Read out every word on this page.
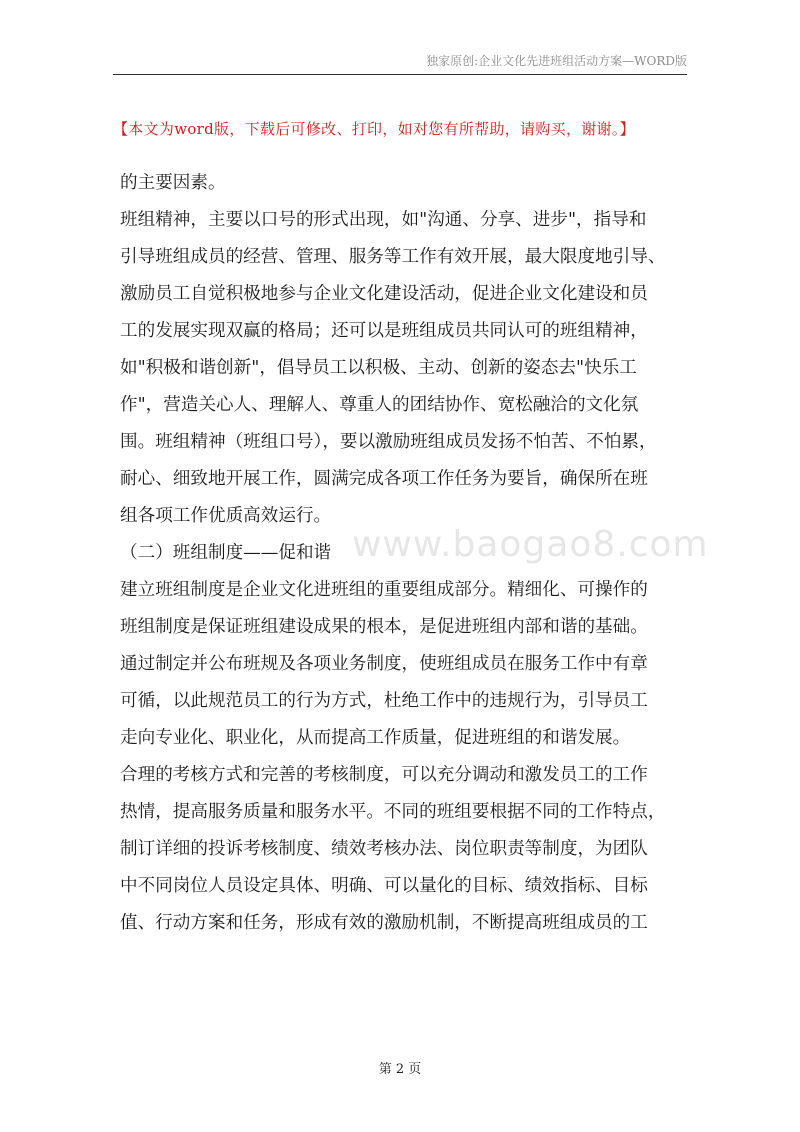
独家原创:企业文化先进班组活动方案—WORD版
【本文为word版，下载后可修改、打印，如对您有所帮助，请购买，谢谢。】
的主要因素。
班组精神，主要以口号的形式出现，如"沟通、分享、进步"，指导和
引导班组成员的经营、管理、服务等工作有效开展，最大限度地引导、
激励员工自觉积极地参与企业文化建设活动，促进企业文化建设和员
工的发展实现双赢的格局；还可以是班组成员共同认可的班组精神，
如"积极和谐创新"，倡导员工以积极、主动、创新的姿态去"快乐工
作"，营造关心人、理解人、尊重人的团结协作、宽松融洽的文化氛
围。班组精神（班组口号），要以激励班组成员发扬不怕苦、不怕累，
耐心、细致地开展工作，圆满完成各项工作任务为要旨，确保所在班
组各项工作优质高效运行。
（二）班组制度——促和谐
建立班组制度是企业文化进班组的重要组成部分。精细化、可操作的
班组制度是保证班组建设成果的根本，是促进班组内部和谐的基础。
通过制定并公布班规及各项业务制度，使班组成员在服务工作中有章
可循，以此规范员工的行为方式，杜绝工作中的违规行为，引导员工
走向专业化、职业化，从而提高工作质量，促进班组的和谐发展。
合理的考核方式和完善的考核制度，可以充分调动和激发员工的工作
热情，提高服务质量和服务水平。不同的班组要根据不同的工作特点，
制订详细的投诉考核制度、绩效考核办法、岗位职责等制度，为团队
中不同岗位人员设定具体、明确、可以量化的目标、绩效指标、目标
值、行动方案和任务，形成有效的激励机制，不断提高班组成员的工
www.baogao8.com
第 2 页
